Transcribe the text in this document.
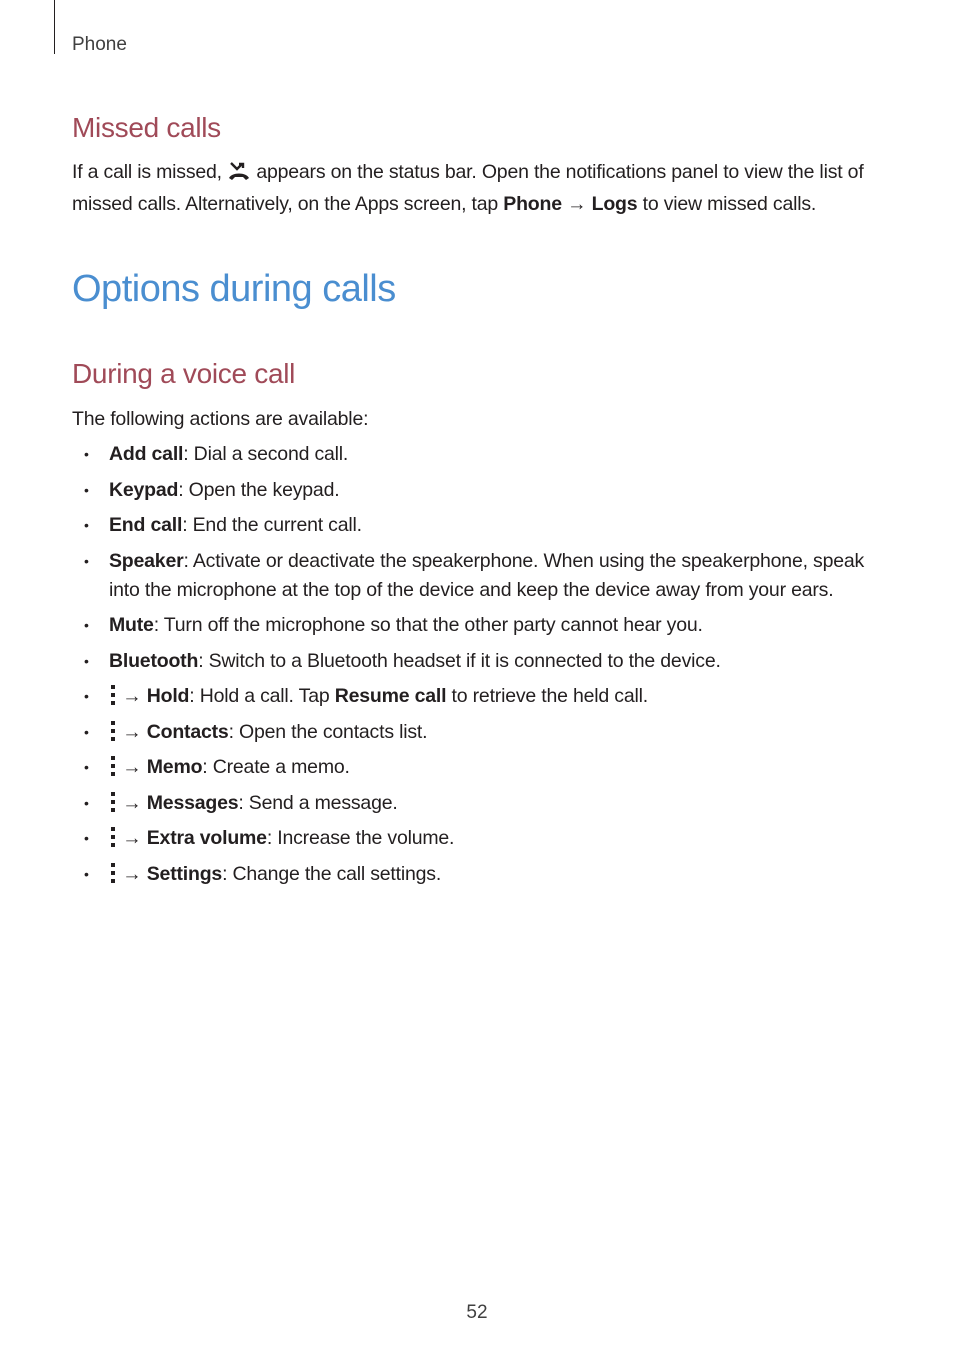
Phone
Missed calls

If a call is missed,  appears on the status bar. Open the notifications panel to view the list of missed calls. Alternatively, on the Apps screen, tap Phone → Logs to view missed calls.

Options during calls
During a voice call

The following actions are available:

• Add call: Dial a second call.
• Keypad: Open the keypad.
• End call: End the current call.
• Speaker: Activate or deactivate the speakerphone. When using the speakerphone, speak into the microphone at the top of the device and keep the device away from your ears.
• Mute: Turn off the microphone so that the other party cannot hear you.
• Bluetooth: Switch to a Bluetooth headset if it is connected to the device.
• → Hold: Hold a call. Tap Resume call to retrieve the held call.
• → Contacts: Open the contacts list.
• → Memo: Create a memo.
• → Messages: Send a message.
• → Extra volume: Increase the volume.
• → Settings: Change the call settings.
52
